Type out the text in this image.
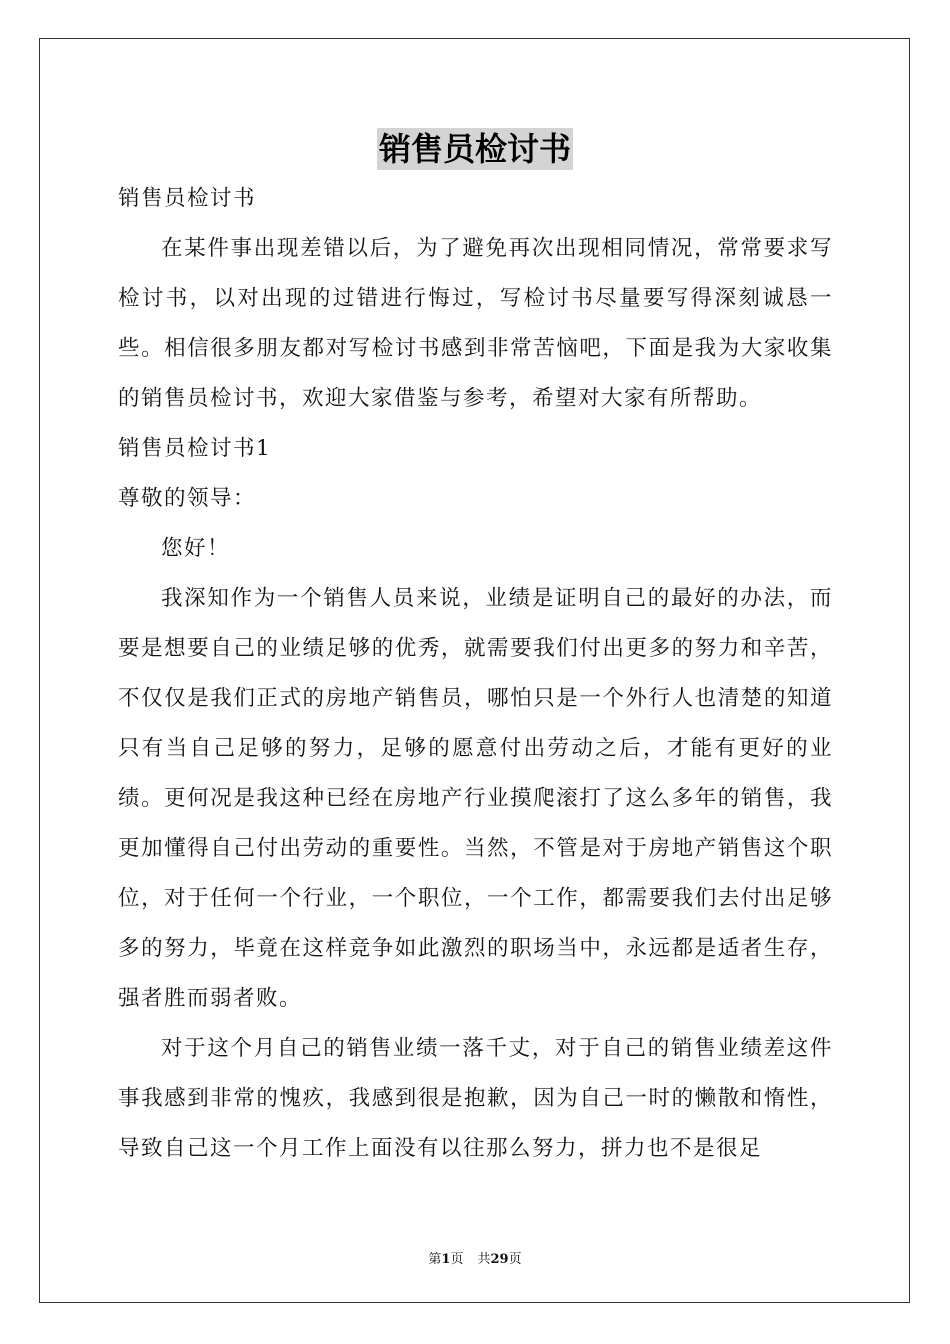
销售员检讨书

销售员检讨书

在某件事出现差错以后，为了避免再次出现相同情况，常常要求写检讨书，以对出现的过错进行悔过，写检讨书尽量要写得深刻诚恳一些。相信很多朋友都对写检讨书感到非常苦恼吧，下面是我为大家收集的销售员检讨书，欢迎大家借鉴与参考，希望对大家有所帮助。

销售员检讨书1

尊敬的领导：

您好！

我深知作为一个销售人员来说，业绩是证明自己的最好的办法，而要是想要自己的业绩足够的优秀，就需要我们付出更多的努力和辛苦，不仅仅是我们正式的房地产销售员，哪怕只是一个外行人也清楚的知道只有当自己足够的努力，足够的愿意付出劳动之后，才能有更好的业绩。更何况是我这种已经在房地产行业摸爬滚打了这么多年的销售，我更加懂得自己付出劳动的重要性。当然，不管是对于房地产销售这个职位，对于任何一个行业，一个职位，一个工作，都需要我们去付出足够多的努力，毕竟在这样竞争如此激烈的职场当中，永远都是适者生存，强者胜而弱者败。

对于这个月自己的销售业绩一落千丈，对于自己的销售业绩差这件事我感到非常的愧疚，我感到很是抱歉，因为自己一时的懒散和惰性，导致自己这一个月工作上面没有以往那么努力，拼力也不是很足

第1页 共29页
